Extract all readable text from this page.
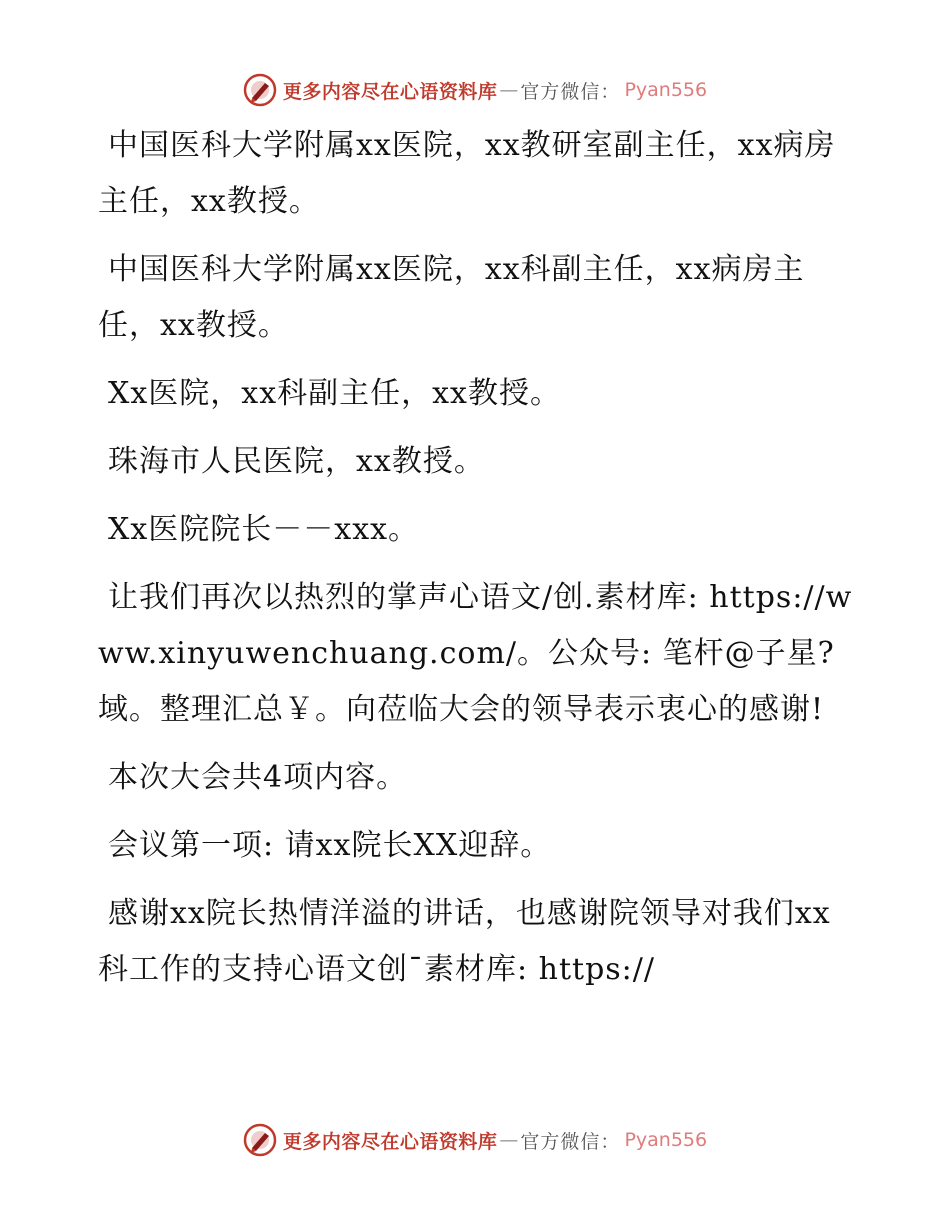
更多内容尽在心语资料库 — 官方微信： Pyan556

中国医科大学附属xx医院，xx教研室副主任，xx病房主任，xx教授。

中国医科大学附属xx医院，xx科副主任，xx病房主任，xx教授。

Xx医院，xx科副主任，xx教授。

珠海市人民医院，xx教授。

Xx医院院长－－xxx。

让我们再次以热烈的掌声心语文/创.素材库: https://www.xinyuwenchuang.com/。公众号: 笔杆@子星?域。整理汇总￥。向莅临大会的领导表示衷心的感谢!

本次大会共4项内容。

会议第一项: 请xx院长XX迎辞。

感谢xx院长热情洋溢的讲话，也感谢院领导对我们xx科工作的支持心语文创¯素材库: https://

更多内容尽在心语资料库 — 官方微信： Pyan556
